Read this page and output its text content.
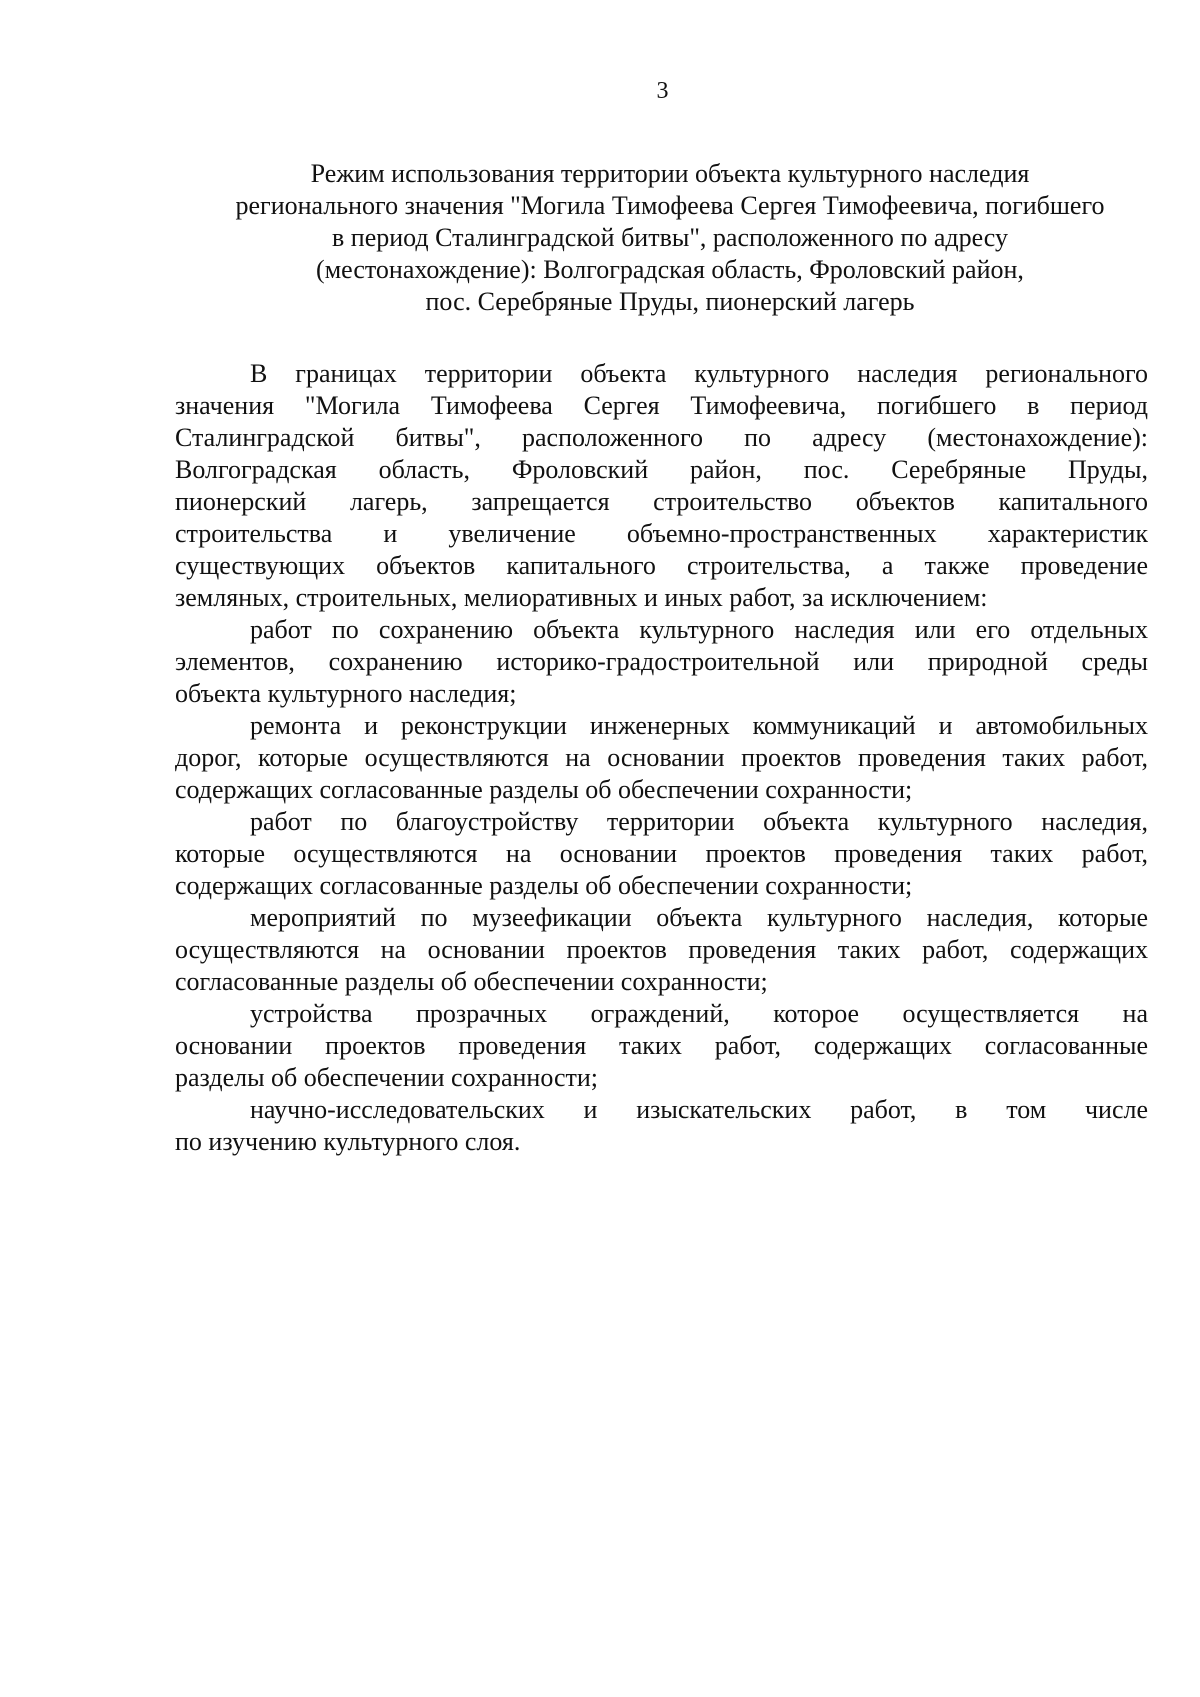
3
Режим использования территории объекта культурного наследия
регионального значения "Могила Тимофеева Сергея Тимофеевича, погибшего
в период Сталинградской битвы", расположенного по адресу
(местонахождение): Волгоградская область, Фроловский район,
пос. Серебряные Пруды, пионерский лагерь
В границах территории объекта культурного наследия регионального
значения "Могила Тимофеева Сергея Тимофеевича, погибшего в период
Сталинградской битвы", расположенного по адресу (местонахождение):
Волгоградская область, Фроловский район, пос. Серебряные Пруды,
пионерский лагерь, запрещается строительство объектов капитального
строительства и увеличение объемно-пространственных характеристик
существующих объектов капитального строительства, а также проведение
земляных, строительных, мелиоративных и иных работ, за исключением:
работ по сохранению объекта культурного наследия или его отдельных
элементов, сохранению историко-градостроительной или природной среды
объекта культурного наследия;
ремонта и реконструкции инженерных коммуникаций и автомобильных
дорог, которые осуществляются на основании проектов проведения таких работ,
содержащих согласованные разделы об обеспечении сохранности;
работ по благоустройству территории объекта культурного наследия,
которые осуществляются на основании проектов проведения таких работ,
содержащих согласованные разделы об обеспечении сохранности;
мероприятий по музеефикации объекта культурного наследия, которые
осуществляются на основании проектов проведения таких работ, содержащих
согласованные разделы об обеспечении сохранности;
устройства прозрачных ограждений, которое осуществляется на
основании проектов проведения таких работ, содержащих согласованные
разделы об обеспечении сохранности;
научно-исследовательских и изыскательских работ, в том числе
по изучению культурного слоя.
